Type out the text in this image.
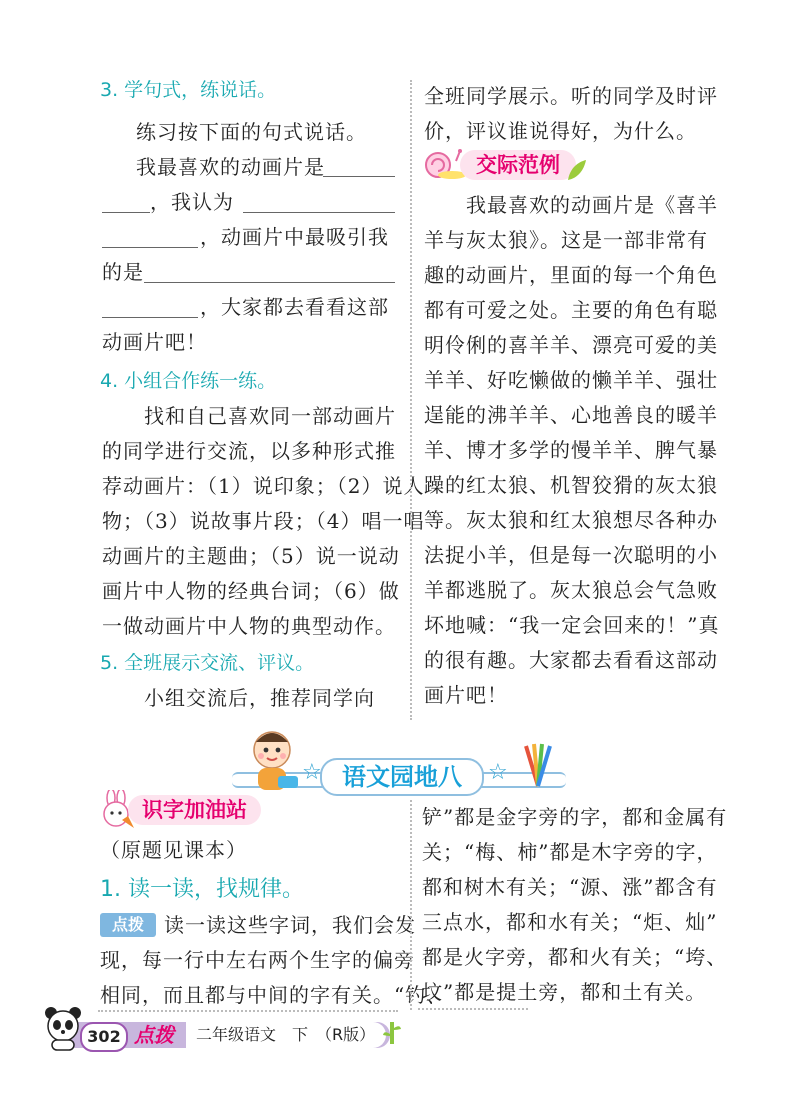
3. 学句式，练说话。
练习按下面的句式说话。
我最喜欢的动画片是
，我认为
，动画片中最吸引我
的是
，大家都去看看这部
动画片吧！
4. 小组合作练一练。
找和自己喜欢同一部动画片
的同学进行交流，以多种形式推
荐动画片：（1）说印象；（2）说人
物；（3）说故事片段；（4）唱一唱
动画片的主题曲；（5）说一说动
画片中人物的经典台词；（6）做
一做动画片中人物的典型动作。
5. 全班展示交流、评议。
小组交流后，推荐同学向
全班同学展示。听的同学及时评
价，评议谁说得好，为什么。
交际范例
我最喜欢的动画片是《喜羊
羊与灰太狼》。这是一部非常有
趣的动画片，里面的每一个角色
都有可爱之处。主要的角色有聪
明伶俐的喜羊羊、漂亮可爱的美
羊羊、好吃懒做的懒羊羊、强壮
逞能的沸羊羊、心地善良的暖羊
羊、博才多学的慢羊羊、脾气暴
躁的红太狼、机智狡猾的灰太狼
等。灰太狼和红太狼想尽各种办
法捉小羊，但是每一次聪明的小
羊都逃脱了。灰太狼总会气急败
坏地喊：“我一定会回来的！”真
的很有趣。大家都去看看这部动
画片吧！
语文园地八
☆	☆
识字加油站
（原题见课本）
1. 读一读，找规律。
点拨	读一读这些字词，我们会发
现，每一行中左右两个生字的偏旁
相同，而且都与中间的字有关。“钓、
铲”都是金字旁的字，都和金属有
关；“梅、柿”都是木字旁的字，
都和树木有关；“源、涨”都含有
三点水，都和水有关；“炬、灿”
都是火字旁，都和火有关；“垮、
坟”都是提土旁，都和土有关。
302 点拨 二年级语文　下　（R版）
